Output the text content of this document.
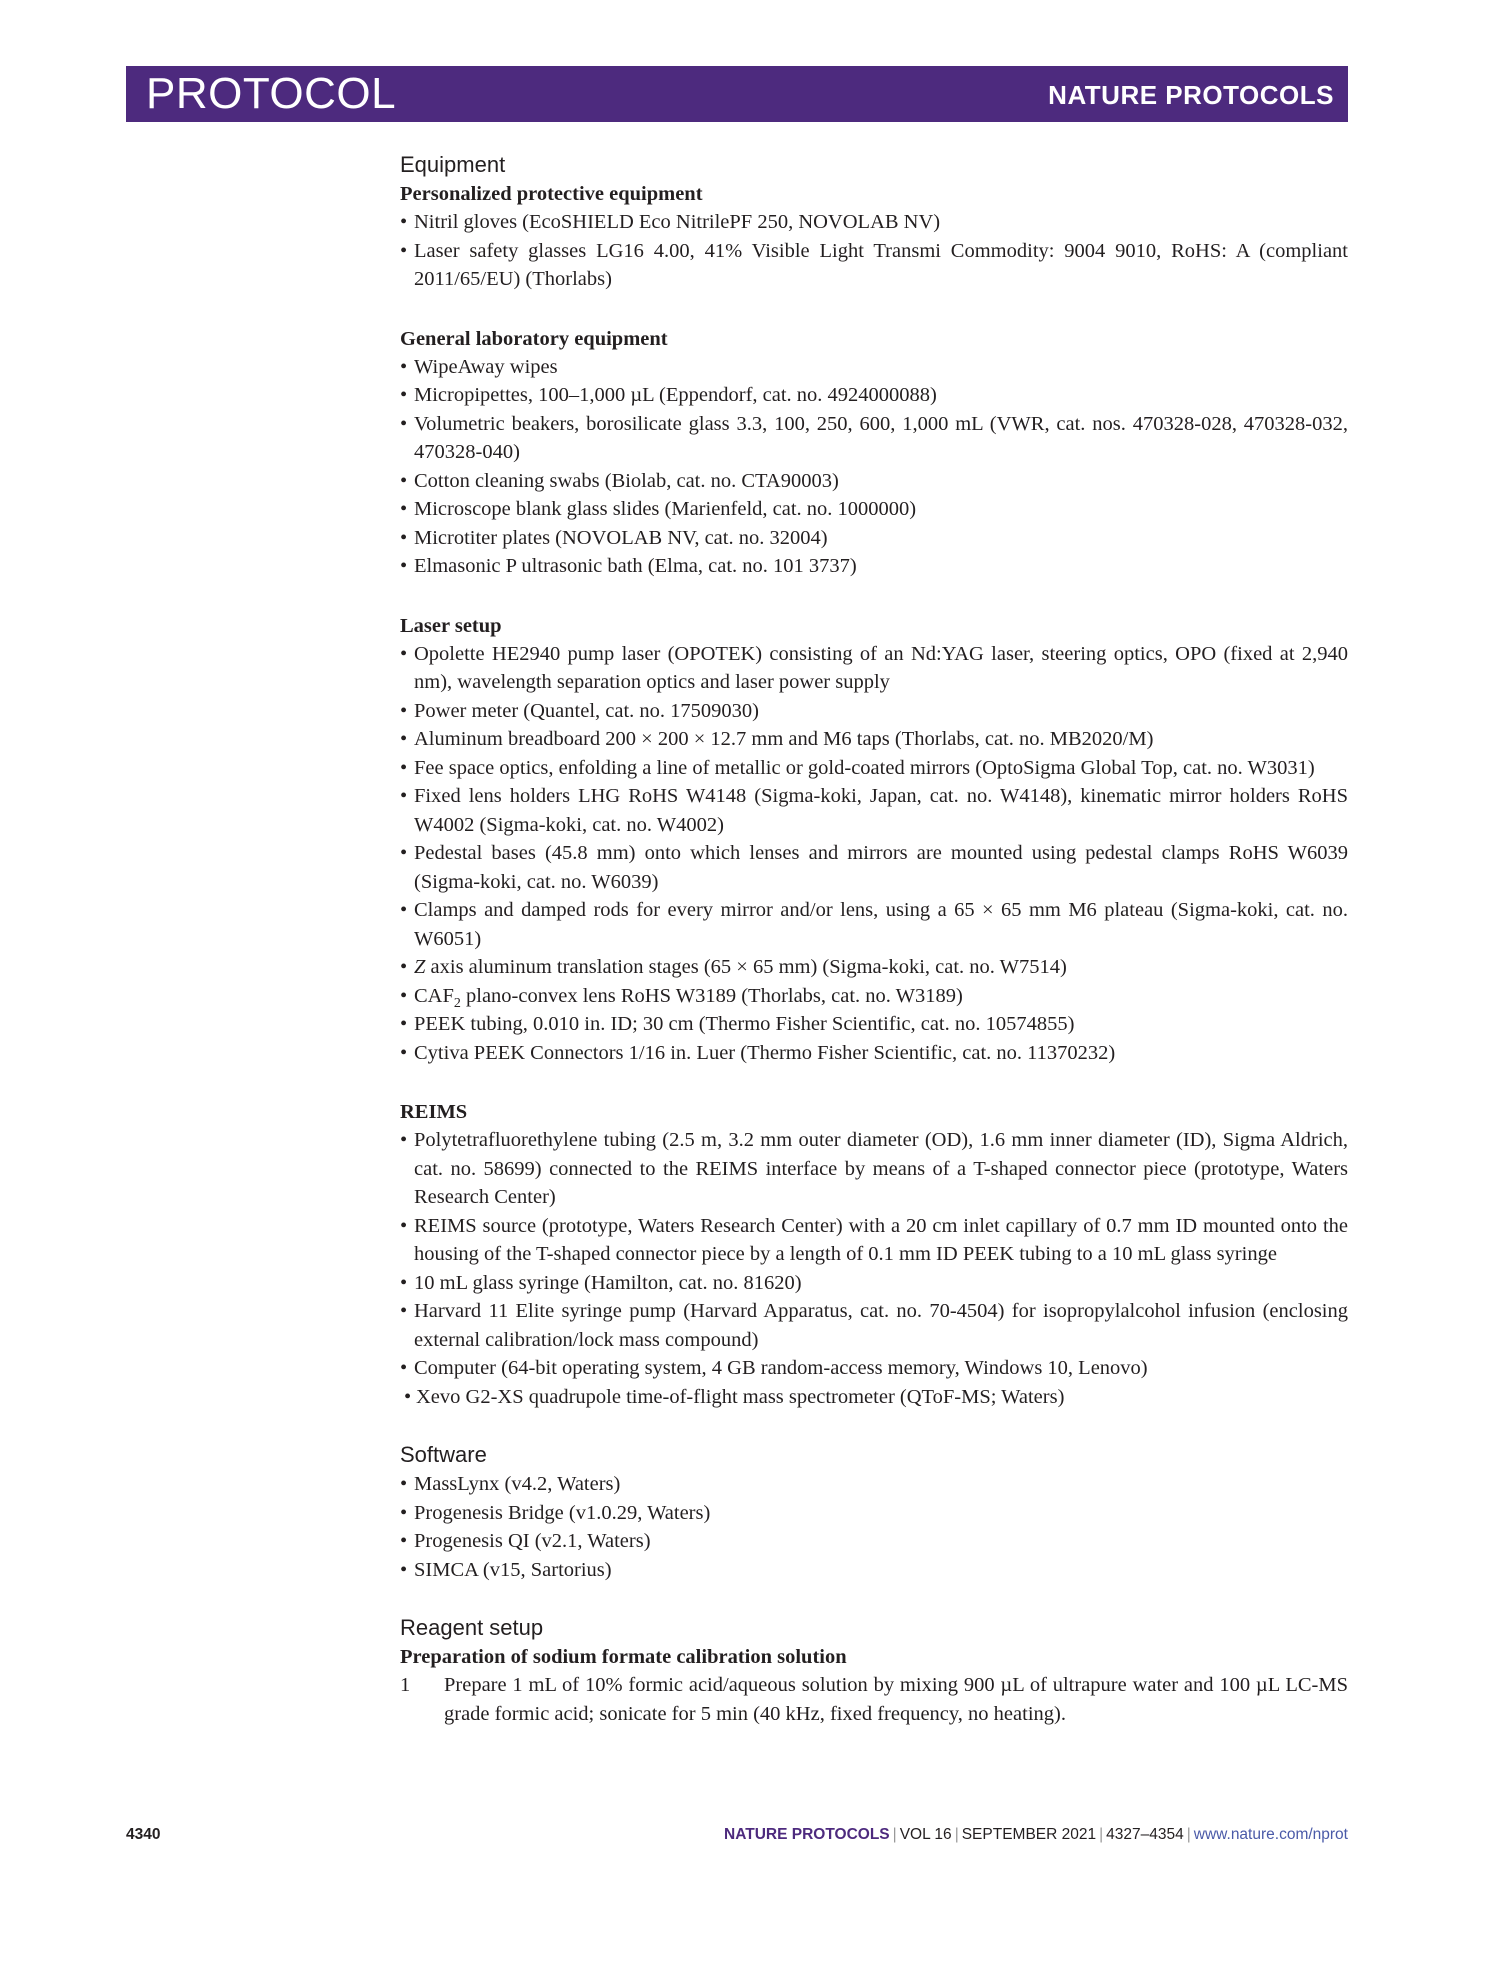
PROTOCOL	NATURE PROTOCOLS
Equipment
Personalized protective equipment
• Nitril gloves (EcoSHIELD Eco NitrilePF 250, NOVOLAB NV)
• Laser safety glasses LG16 4.00, 41% Visible Light Transmi Commodity: 9004 9010, RoHS: A (compliant 2011/65/EU) (Thorlabs)
General laboratory equipment
• WipeAway wipes
• Micropipettes, 100–1,000 µL (Eppendorf, cat. no. 4924000088)
• Volumetric beakers, borosilicate glass 3.3, 100, 250, 600, 1,000 mL (VWR, cat. nos. 470328-028, 470328-032, 470328-040)
• Cotton cleaning swabs (Biolab, cat. no. CTA90003)
• Microscope blank glass slides (Marienfeld, cat. no. 1000000)
• Microtiter plates (NOVOLAB NV, cat. no. 32004)
• Elmasonic P ultrasonic bath (Elma, cat. no. 101 3737)
Laser setup
• Opolette HE2940 pump laser (OPOTEK) consisting of an Nd:YAG laser, steering optics, OPO (fixed at 2,940 nm), wavelength separation optics and laser power supply
• Power meter (Quantel, cat. no. 17509030)
• Aluminum breadboard 200 × 200 × 12.7 mm and M6 taps (Thorlabs, cat. no. MB2020/M)
• Fee space optics, enfolding a line of metallic or gold-coated mirrors (OptoSigma Global Top, cat. no. W3031)
• Fixed lens holders LHG RoHS W4148 (Sigma-koki, Japan, cat. no. W4148), kinematic mirror holders RoHS W4002 (Sigma-koki, cat. no. W4002)
• Pedestal bases (45.8 mm) onto which lenses and mirrors are mounted using pedestal clamps RoHS W6039 (Sigma-koki, cat. no. W6039)
• Clamps and damped rods for every mirror and/or lens, using a 65 × 65 mm M6 plateau (Sigma-koki, cat. no. W6051)
• Z axis aluminum translation stages (65 × 65 mm) (Sigma-koki, cat. no. W7514)
• $CAF_2$ plano-convex lens RoHS W3189 (Thorlabs, cat. no. W3189)
• PEEK tubing, 0.010 in. ID; 30 cm (Thermo Fisher Scientific, cat. no. 10574855)
• Cytiva PEEK Connectors 1/16 in. Luer (Thermo Fisher Scientific, cat. no. 11370232)
REIMS
• Polytetrafluorethylene tubing (2.5 m, 3.2 mm outer diameter (OD), 1.6 mm inner diameter (ID), Sigma Aldrich, cat. no. 58699) connected to the REIMS interface by means of a T-shaped connector piece (prototype, Waters Research Center)
• REIMS source (prototype, Waters Research Center) with a 20 cm inlet capillary of 0.7 mm ID mounted onto the housing of the T-shaped connector piece by a length of 0.1 mm ID PEEK tubing to a 10 mL glass syringe
• 10 mL glass syringe (Hamilton, cat. no. 81620)
• Harvard 11 Elite syringe pump (Harvard Apparatus, cat. no. 70-4504) for isopropylalcohol infusion (enclosing external calibration/lock mass compound)
• Computer (64-bit operating system, 4 GB random-access memory, Windows 10, Lenovo)
• Xevo G2-XS quadrupole time-of-flight mass spectrometer (QToF-MS; Waters)
Software
• MassLynx (v4.2, Waters)
• Progenesis Bridge (v1.0.29, Waters)
• Progenesis QI (v2.1, Waters)
• SIMCA (v15, Sartorius)
Reagent setup
Preparation of sodium formate calibration solution
1 Prepare 1 mL of 10% formic acid/aqueous solution by mixing 900 µL of ultrapure water and 100 µL LC-MS grade formic acid; sonicate for 5 min (40 kHz, fixed frequency, no heating).
4340	NATURE PROTOCOLS | VOL 16 | SEPTEMBER 2021 | 4327–4354 | www.nature.com/nprot
